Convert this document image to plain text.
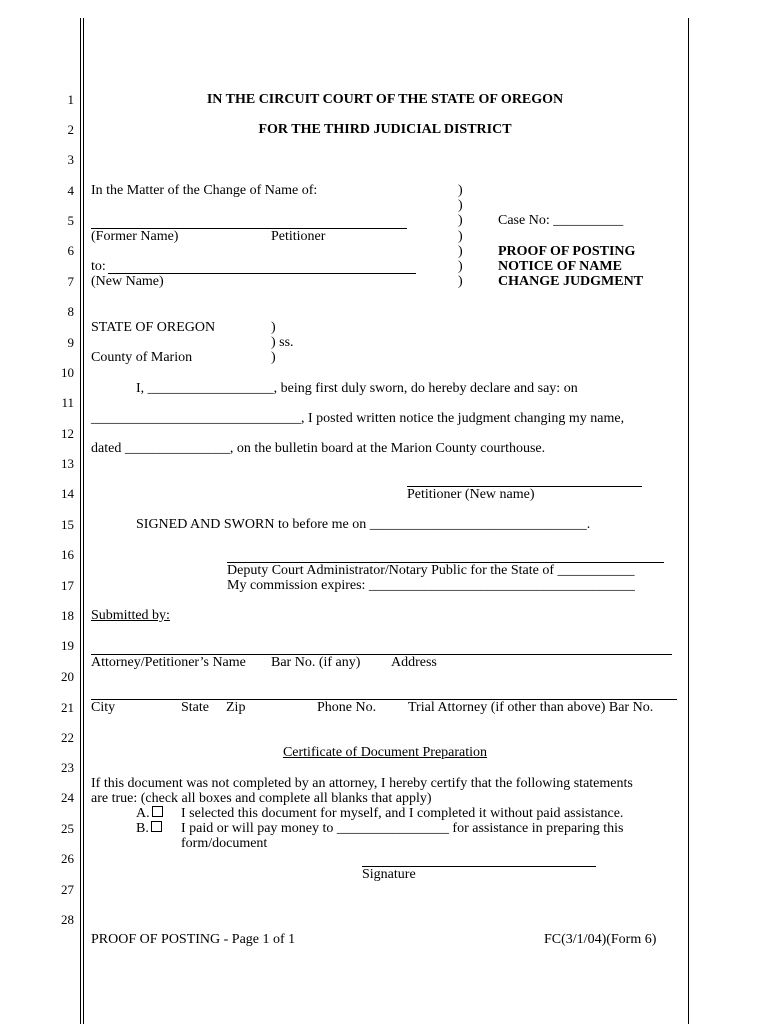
1
2
3
4
5
6
7
8
9
10
11
12
13
14
15
16
17
18
19
20
21
22
23
24
25
26
27
28
IN THE CIRCUIT COURT OF THE STATE OF OREGON
FOR THE THIRD JUDICIAL DISTRICT
In the Matter of the Change of Name of:
(Former Name)	Petitioner
to:
(New Name)
)
)
)
)
)
)
)
Case No: __________
PROOF OF POSTING
NOTICE OF NAME
CHANGE JUDGMENT
STATE OF OREGON	)
) ss.
County of Marion	)
I, __________________, being first duly sworn, do hereby declare and say: on
______________________________, I posted written notice the judgment changing my name,
dated _______________, on the bulletin board at the Marion County courthouse.
Petitioner (New name)
SIGNED AND SWORN to before me on _______________________________.
Deputy Court Administrator/Notary Public for the State of ___________
My commission expires: ______________________________________
Submitted by:
Attorney/Petitioner’s Name Bar No. (if any) Address
City	State Zip	Phone No. Trial Attorney (if other than above) Bar No.
Certificate of Document Preparation
If this document was not completed by an attorney, I hereby certify that the following statements
are true: (check all boxes and complete all blanks that apply)
A.	I selected this document for myself, and I completed it without paid assistance.
B.	I paid or will pay money to ________________ for assistance in preparing this
form/document
Signature
PROOF OF POSTING - Page 1 of 1	FC(3/1/04)(Form 6)
